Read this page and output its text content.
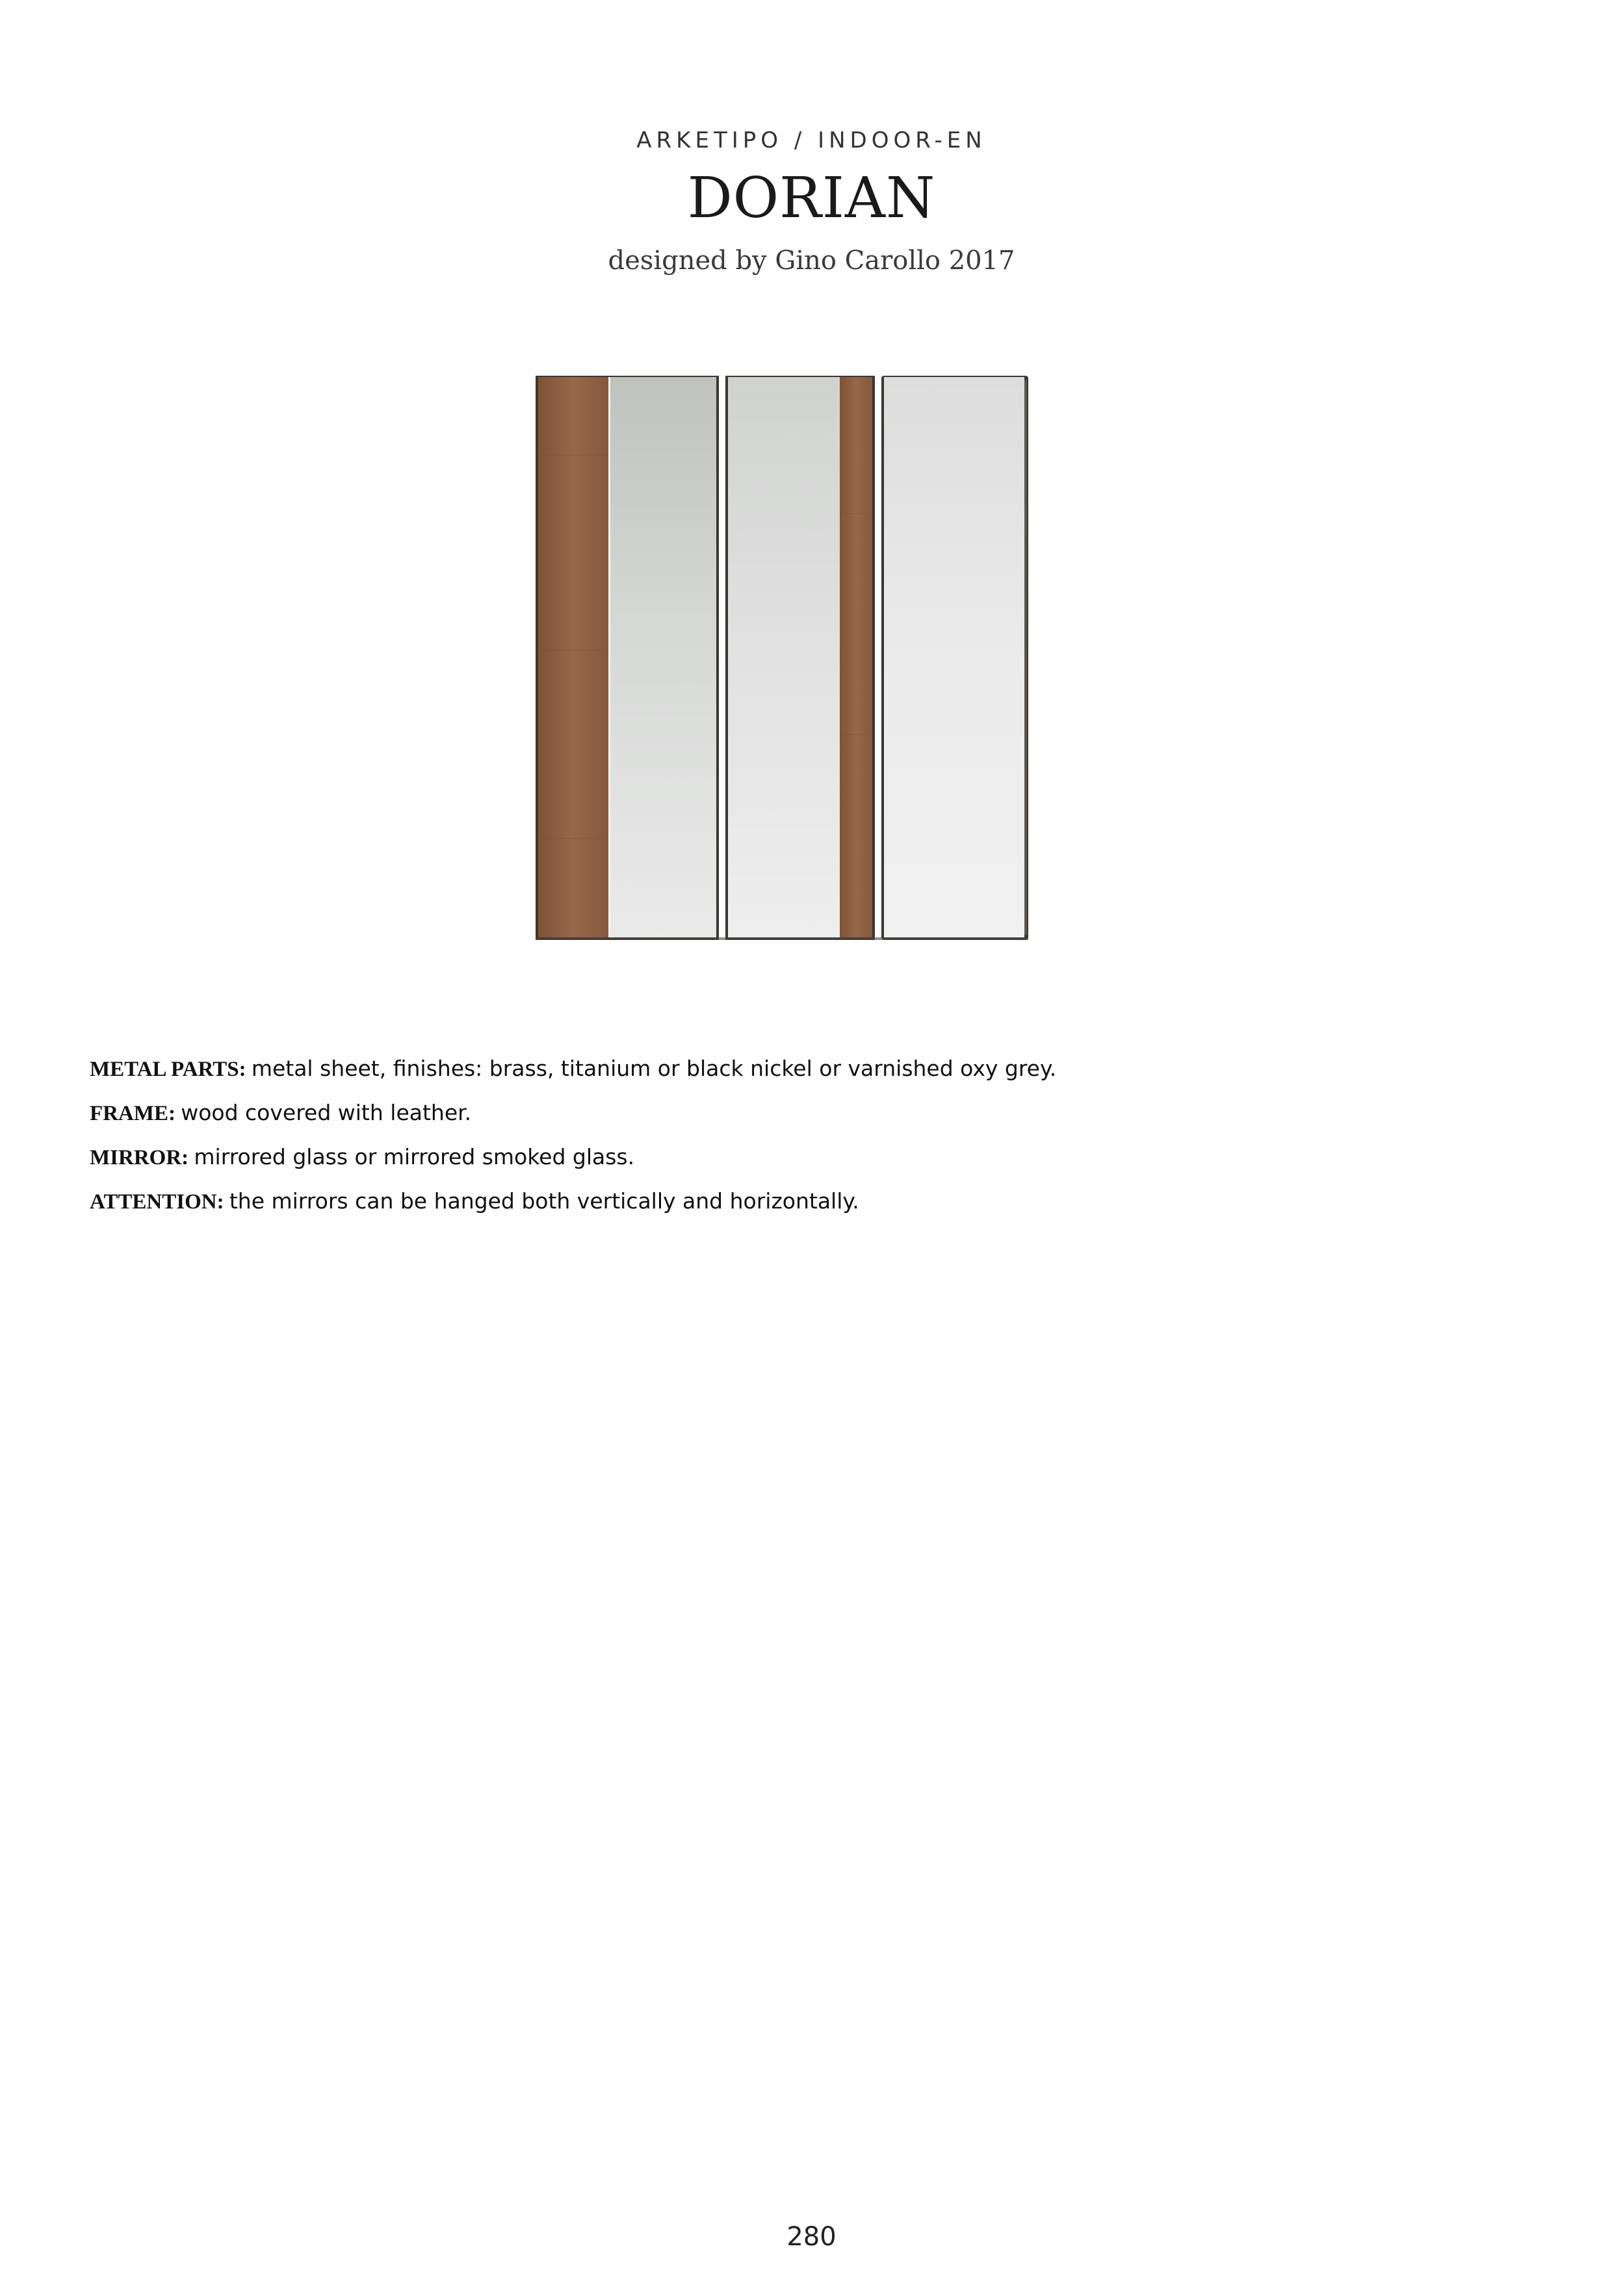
ARKETIPO / INDOOR-EN
DORIAN
designed by Gino Carollo 2017
METAL PARTS: metal sheet, finishes: brass, titanium or black nickel or varnished oxy grey.
FRAME: wood covered with leather.
MIRROR: mirrored glass or mirrored smoked glass.
ATTENTION: the mirrors can be hanged both vertically and horizontally.
280
